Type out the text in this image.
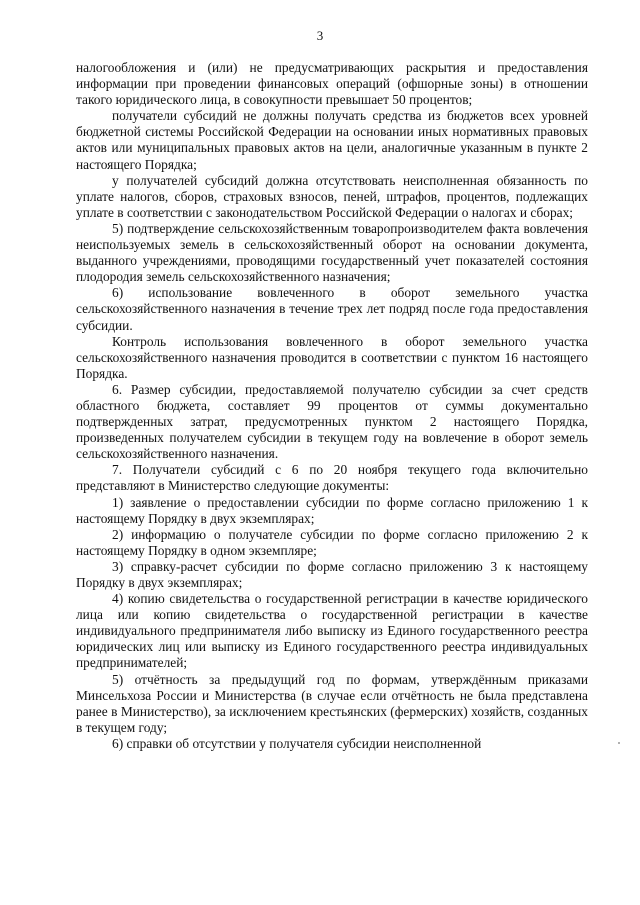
3

налогообложения и (или) не предусматривающих раскрытия и предоставления информации при проведении финансовых операций (офшорные зоны) в отношении такого юридического лица, в совокупности превышает 50 процентов;

получатели субсидий не должны получать средства из бюджетов всех уровней бюджетной системы Российской Федерации на основании иных нормативных правовых актов или муниципальных правовых актов на цели, аналогичные указанным в пункте 2 настоящего Порядка;

у получателей субсидий должна отсутствовать неисполненная обязанность по уплате налогов, сборов, страховых взносов, пеней, штрафов, процентов, подлежащих уплате в соответствии с законодательством Российской Федерации о налогах и сборах;

5) подтверждение сельскохозяйственным товаропроизводителем факта вовлечения неиспользуемых земель в сельскохозяйственный оборот на основании документа, выданного учреждениями, проводящими государственный учет показателей состояния плодородия земель сельскохозяйственного назначения;

6) использование вовлеченного в оборот земельного участка сельскохозяйственного назначения в течение трех лет подряд после года предоставления субсидии.

Контроль использования вовлеченного в оборот земельного участка сельскохозяйственного назначения проводится в соответствии с пунктом 16 настоящего Порядка.

6. Размер субсидии, предоставляемой получателю субсидии за счет средств областного бюджета, составляет 99 процентов от суммы документально подтвержденных затрат, предусмотренных пунктом 2 настоящего Порядка, произведенных получателем субсидии в текущем году на вовлечение в оборот земель сельскохозяйственного назначения.

7. Получатели субсидий с 6 по 20 ноября текущего года включительно представляют в Министерство следующие документы:

1) заявление о предоставлении субсидии по форме согласно приложению 1 к настоящему Порядку в двух экземплярах;

2) информацию о получателе субсидии по форме согласно приложению 2 к настоящему Порядку в одном экземпляре;

3) справку-расчет субсидии по форме согласно приложению 3 к настоящему Порядку в двух экземплярах;

4) копию свидетельства о государственной регистрации в качестве юридического лица или копию свидетельства о государственной регистрации в качестве индивидуального предпринимателя либо выписку из Единого государственного реестра юридических лиц или выписку из Единого государственного реестра индивидуальных предпринимателей;

5) отчётность за предыдущий год по формам, утверждённым приказами Минсельхоза России и Министерства (в случае если отчётность не была представлена ранее в Министерство), за исключением крестьянских (фермерских) хозяйств, созданных в текущем году;

6) справки об отсутствии у получателя субсидии неисполненной
